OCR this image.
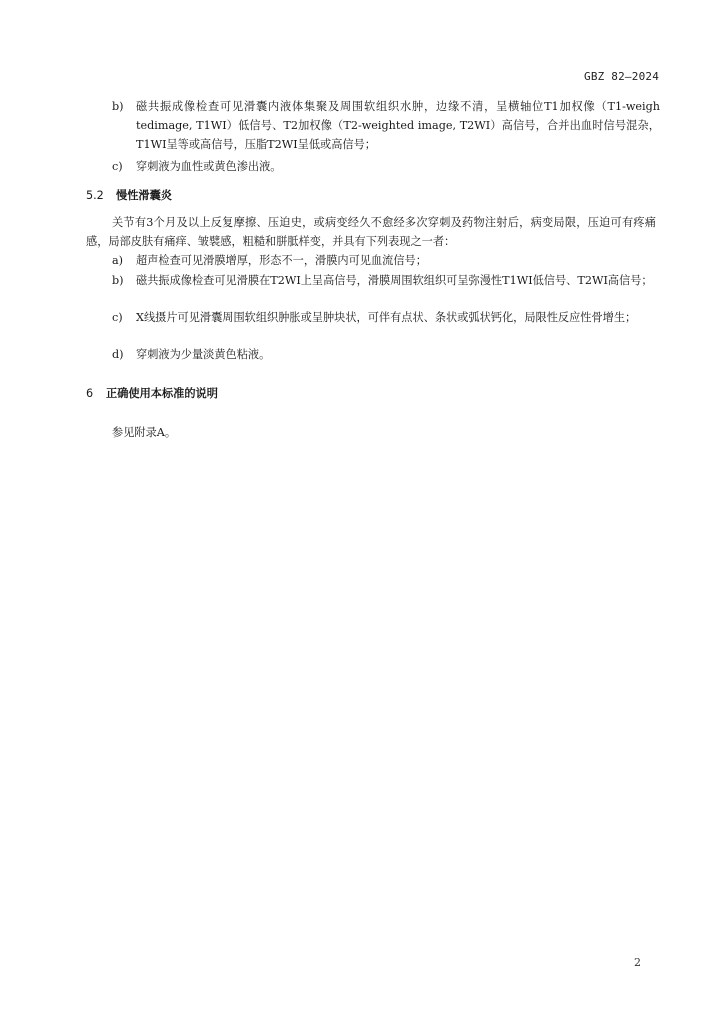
GBZ 82—2024
b) 磁共振成像检查可见滑囊内液体集聚及周围软组织水肿，边缘不清，呈横轴位T1加权像（T1-weigh tedimage, T1WI）低信号、T2加权像（T2-weighted image, T2WI）高信号，合并出血时信号混杂，T1WI呈等或高信号，压脂T2WI呈低或高信号；
c) 穿刺液为血性或黄色渗出液。
5.2 慢性滑囊炎
关节有3个月及以上反复摩擦、压迫史，或病变经久不愈经多次穿刺及药物注射后，病变局限，压迫可有疼痛感，局部皮肤有痛痒、皱襞感，粗糙和胼胝样变，并具有下列表现之一者：
a) 超声检查可见滑膜增厚，形态不一，滑膜内可见血流信号；
b) 磁共振成像检查可见滑膜在T2WI上呈高信号，滑膜周围软组织可呈弥漫性T1WI低信号、T2WI高信号；
c) X线摄片可见滑囊周围软组织肿胀或呈肿块状，可伴有点状、条状或弧状钙化，局限性反应性骨增生；
d) 穿刺液为少量淡黄色粘液。
6 正确使用本标准的说明
参见附录A。
2
